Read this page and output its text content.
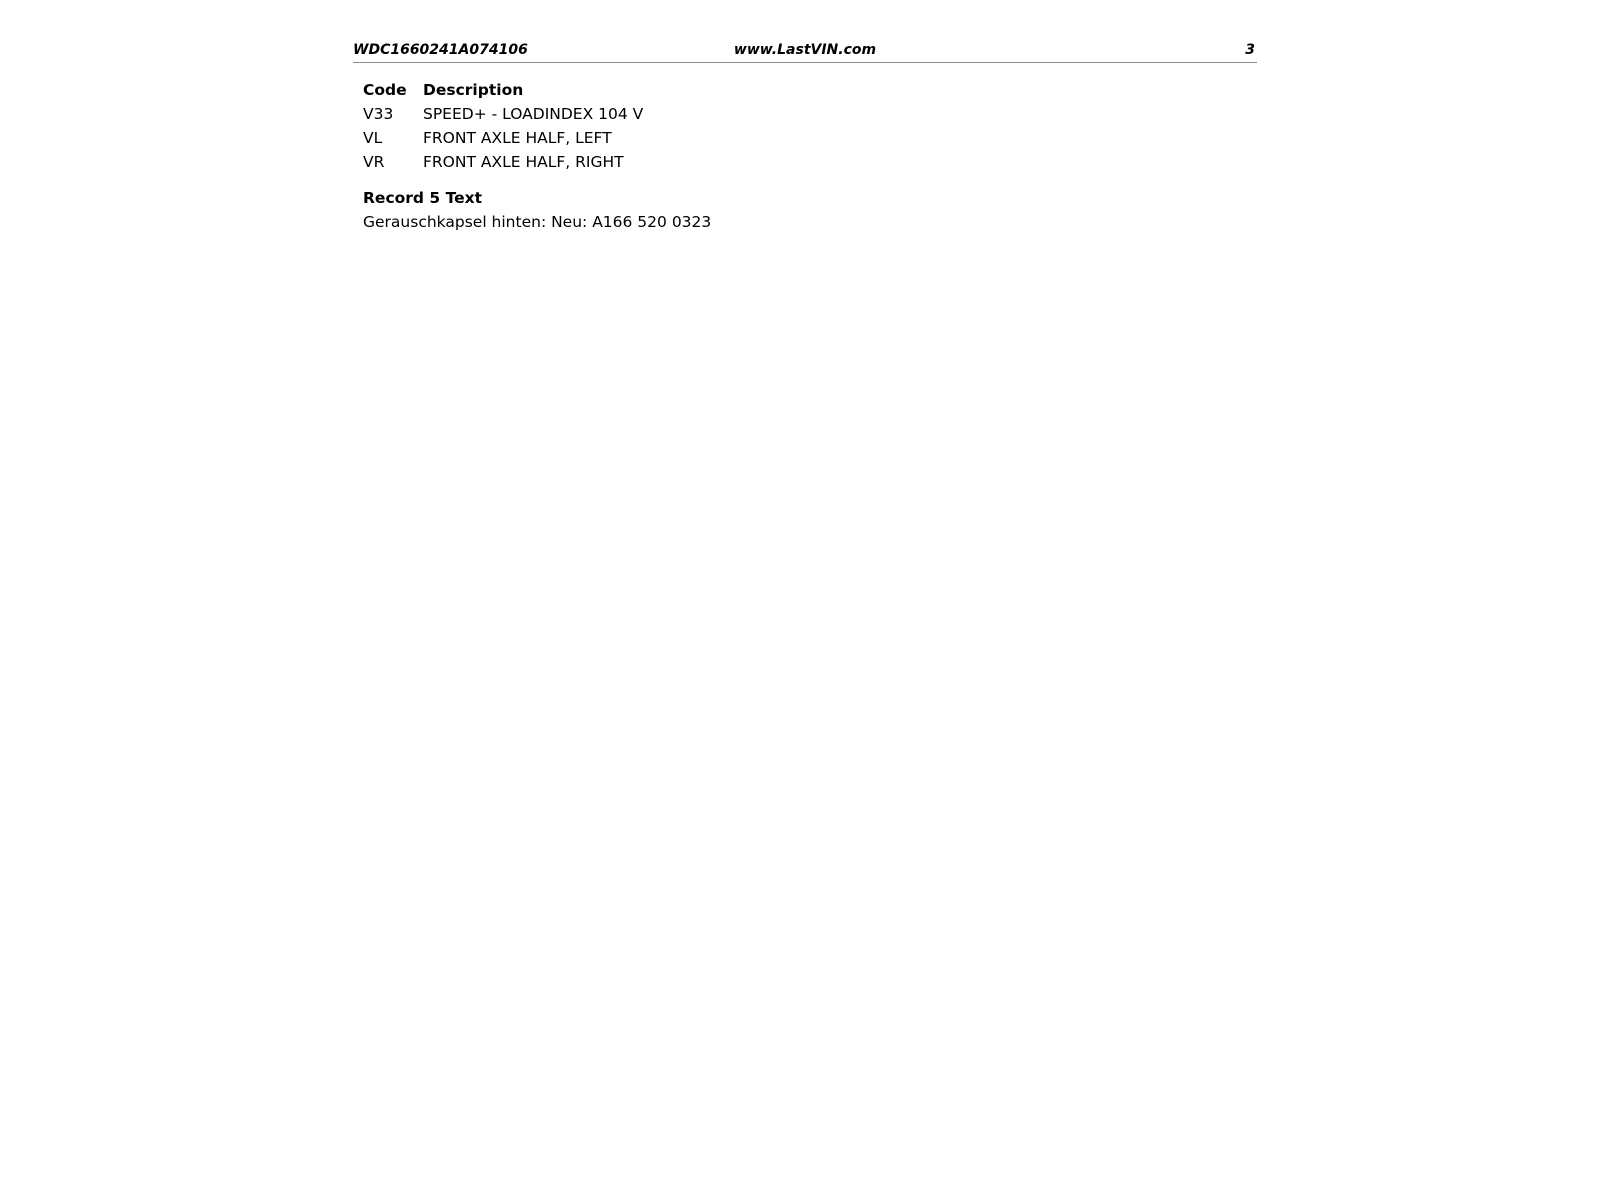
WDC1660241A074106	www.LastVIN.com	3
Code	Description
V33	SPEED+ - LOADINDEX 104 V
VL	FRONT AXLE HALF, LEFT
VR	FRONT AXLE HALF, RIGHT
Record 5 Text
Gerauschkapsel hinten: Neu: A166 520 0323
